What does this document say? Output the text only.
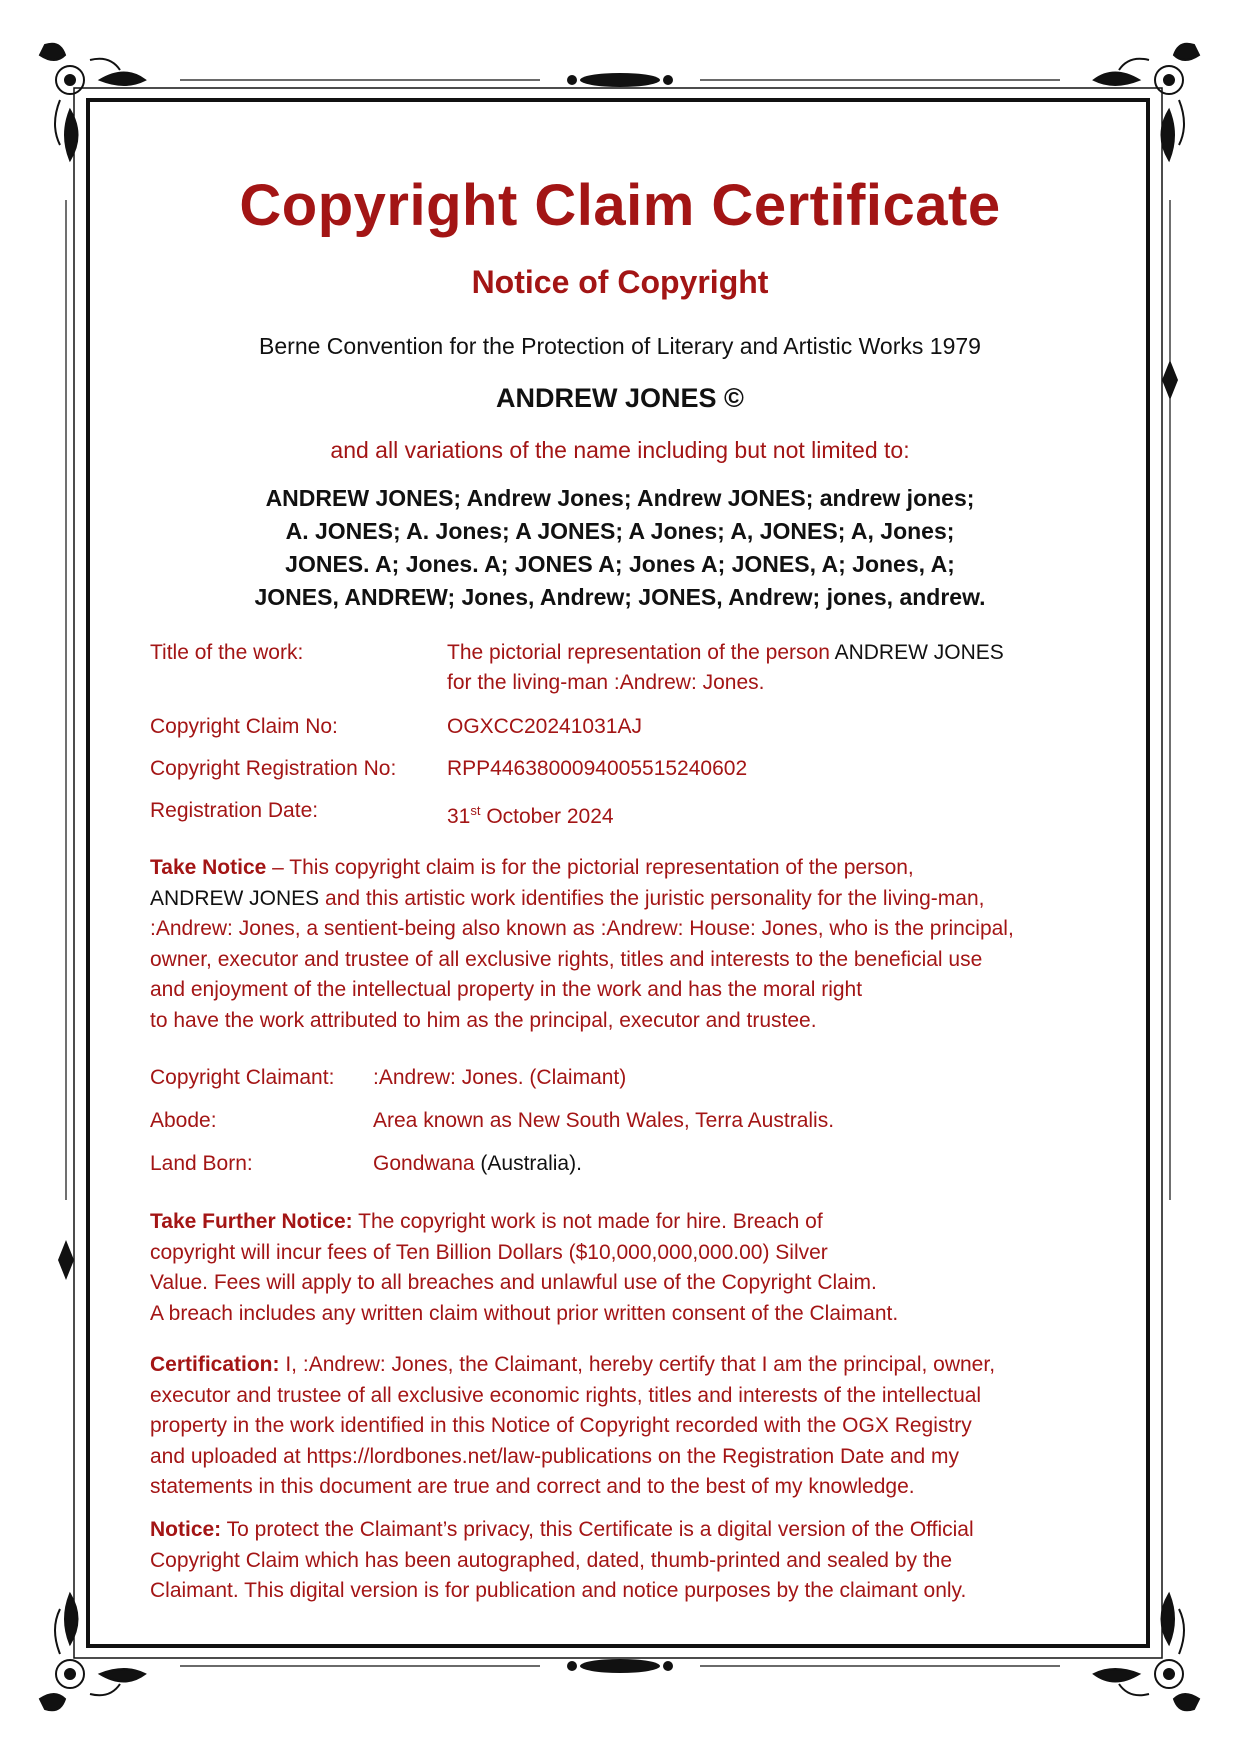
Copyright Claim Certificate
Notice of Copyright
Berne Convention for the Protection of Literary and Artistic Works 1979
ANDREW JONES ©
and all variations of the name including but not limited to:
ANDREW JONES; Andrew Jones; Andrew JONES; andrew jones;
A. JONES; A. Jones; A JONES; A Jones; A, JONES; A, Jones;
JONES. A; Jones. A; JONES A; Jones A; JONES, A; Jones, A;
JONES, ANDREW; Jones, Andrew; JONES, Andrew; jones, andrew.
Title of the work:	The pictorial representation of the person ANDREW JONES
for the living-man :Andrew: Jones.
Copyright Claim No:	OGXCC20241031AJ
Copyright Registration No: RPP446380009400551524060​2
Registration Date:	31st October 2024
Take Notice – This copyright claim is for the pictorial representation of the person,
ANDREW JONES and this artistic work identifies the juristic personality for the living-man,
:Andrew: Jones, a sentient-being also known as :Andrew: House: Jones, who is the principal,
owner, executor and trustee of all exclusive rights, titles and interests to the beneficial use
and enjoyment of the intellectual property in the work and has the moral right
to have the work attributed to him as the principal, executor and trustee.
Copyright Claimant: :Andrew: Jones. (Claimant)
Abode:	Area known as New South Wales, Terra Australis.
Land Born:	Gondwana (Australia).
Take Further Notice: The copyright work is not made for hire. Breach of
copyright will incur fees of Ten Billion Dollars ($10,000,000,000.00) Silver
Value. Fees will apply to all breaches and unlawful use of the Copyright Claim.
A breach includes any written claim without prior written consent of the Claimant.
Certification: I, :Andrew: Jones, the Claimant, hereby certify that I am the principal, owner,
executor and trustee of all exclusive economic rights, titles and interests of the intellectual
property in the work identified in this Notice of Copyright recorded with the OGX Registry
and uploaded at https://lordbones.net/law-publications on the Registration Date and my
statements in this document are true and correct and to the best of my knowledge.
Notice: To protect the Claimant’s privacy, this Certificate is a digital version of the Official
Copyright Claim which has been autographed, dated, thumb-printed and sealed by the
Claimant. This digital version is for publication and notice purposes by the claimant only.
